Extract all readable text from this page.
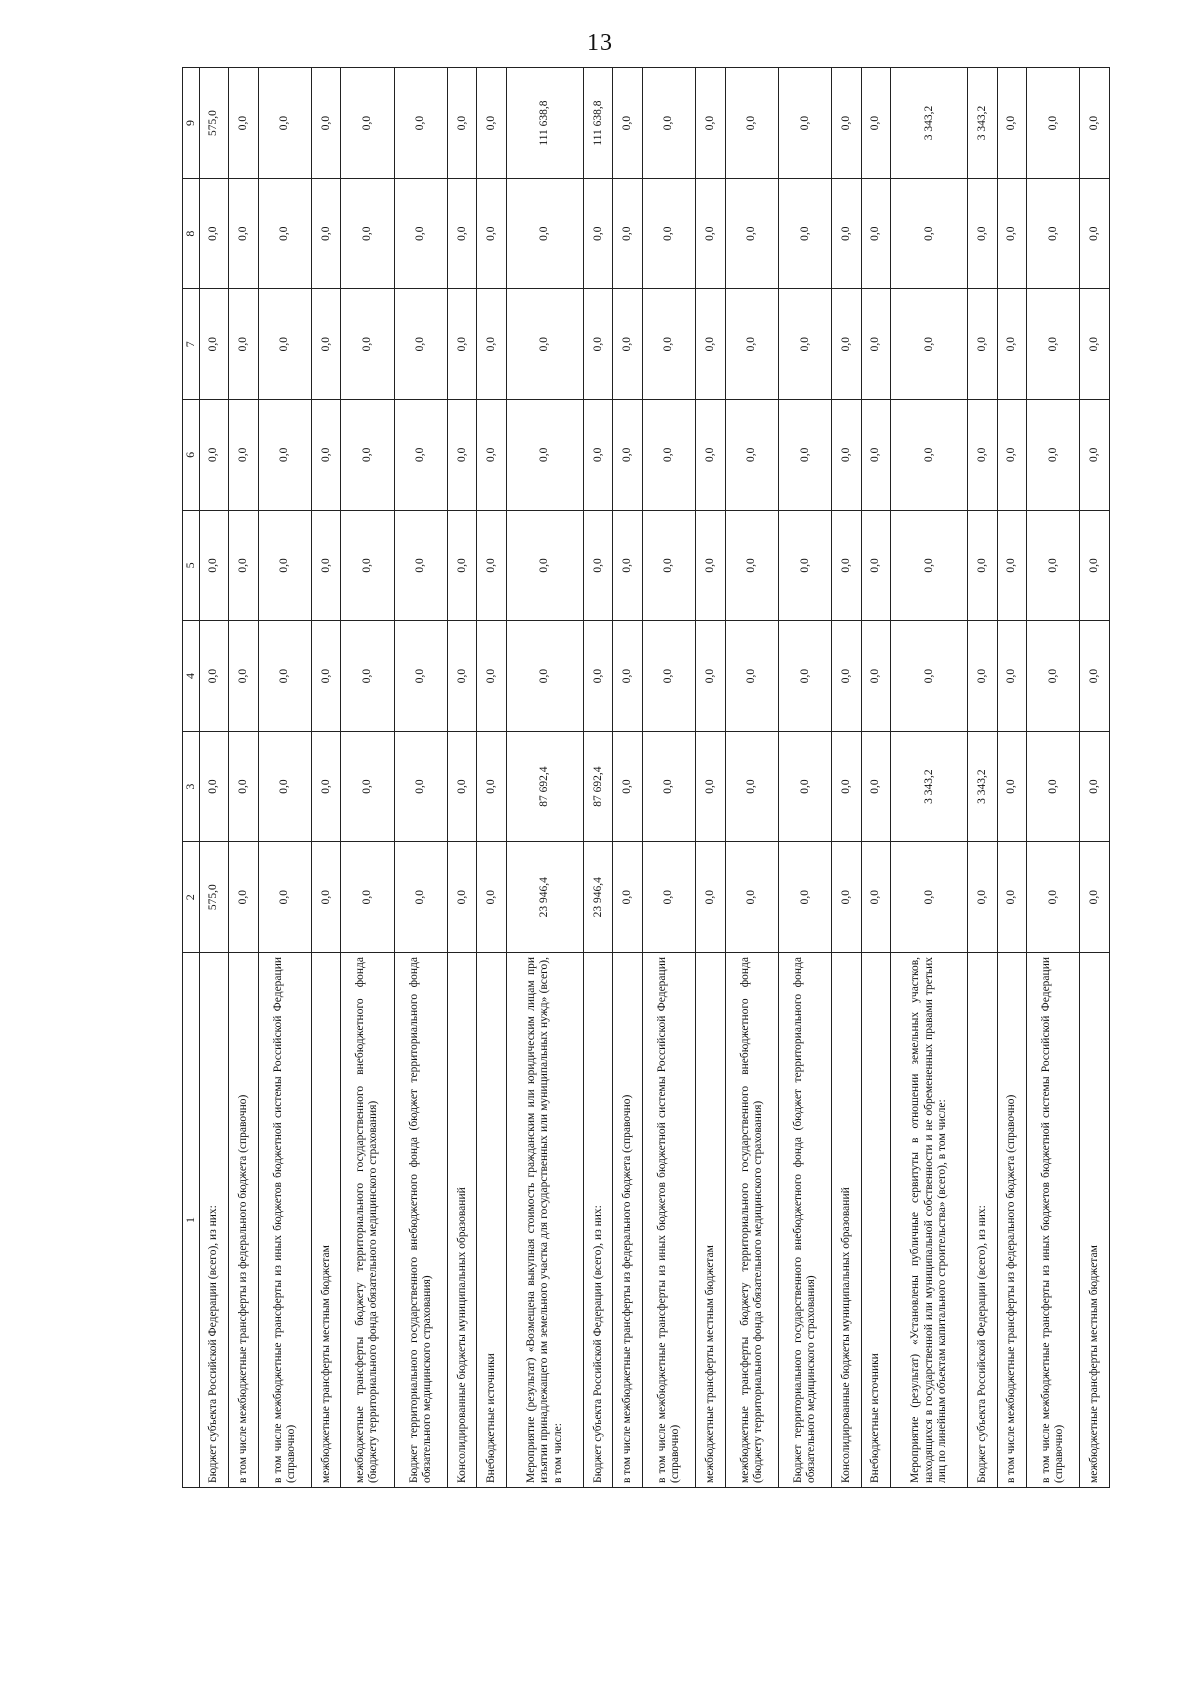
13
1	2	3	4	5	6	7	8	9
Бюджет субъекта Российской Федерации (всего), из них:	575,0	0,0	0,0	0,0	0,0	0,0	0,0	575,0
в том числе межбюджетные трансферты из федерального бюджета (справочно)	0,0	0,0	0,0	0,0	0,0	0,0	0,0	0,0
в том числе межбюджетные трансферты из иных бюджетов бюджетной системы Российской Федерации (справочно)	0,0	0,0	0,0	0,0	0,0	0,0	0,0	0,0
межбюджетные трансферты местным бюджетам	0,0	0,0	0,0	0,0	0,0	0,0	0,0	0,0
межбюджетные трансферты бюджету территориального государственного внебюджетного фонда (бюджету территориального фонда обязательного медицинского страхования)	0,0	0,0	0,0	0,0	0,0	0,0	0,0	0,0
Бюджет территориального государственного внебюджетного фонда (бюджет территориального фонда обязательного медицинского страхования)	0,0	0,0	0,0	0,0	0,0	0,0	0,0	0,0
Консолидированные бюджеты муниципальных образований	0,0	0,0	0,0	0,0	0,0	0,0	0,0	0,0
Внебюджетные источники	0,0	0,0	0,0	0,0	0,0	0,0	0,0	0,0
Мероприятие (результат) «Возмещена выкупная стоимость гражданским или юридическим лицам при изъятии принадлежащего им земельного участка для государственных или муниципальных нужд» (всего), в том числе:	23 946,4	87 692,4	0,0	0,0	0,0	0,0	0,0	111 638,8
Бюджет субъекта Российской Федерации (всего), из них:	23 946,4	87 692,4	0,0	0,0	0,0	0,0	0,0	111 638,8
в том числе межбюджетные трансферты из федерального бюджета (справочно)	0,0	0,0	0,0	0,0	0,0	0,0	0,0	0,0
в том числе межбюджетные трансферты из иных бюджетов бюджетной системы Российской Федерации (справочно)	0,0	0,0	0,0	0,0	0,0	0,0	0,0	0,0
межбюджетные трансферты местным бюджетам	0,0	0,0	0,0	0,0	0,0	0,0	0,0	0,0
межбюджетные трансферты бюджету территориального государственного внебюджетного фонда (бюджету территориального фонда обязательного медицинского страхования)	0,0	0,0	0,0	0,0	0,0	0,0	0,0	0,0
Бюджет территориального государственного внебюджетного фонда (бюджет территориального фонда обязательного медицинского страхования)	0,0	0,0	0,0	0,0	0,0	0,0	0,0	0,0
Консолидированные бюджеты муниципальных образований	0,0	0,0	0,0	0,0	0,0	0,0	0,0	0,0
Внебюджетные источники	0,0	0,0	0,0	0,0	0,0	0,0	0,0	0,0
Мероприятие (результат) «Установлены публичные сервитуты в отношении земельных участков, находящихся в государственной или муниципальной собственности и не обремененных правами третьих лиц по линейным объектам капитального строительства» (всего), в том числе:	0,0	3 343,2	0,0	0,0	0,0	0,0	0,0	3 343,2
Бюджет субъекта Российской Федерации (всего), из них:	0,0	3 343,2	0,0	0,0	0,0	0,0	0,0	3 343,2
в том числе межбюджетные трансферты из федерального бюджета (справочно)	0,0	0,0	0,0	0,0	0,0	0,0	0,0	0,0
в том числе межбюджетные трансферты из иных бюджетов бюджетной системы Российской Федерации (справочно)	0,0	0,0	0,0	0,0	0,0	0,0	0,0	0,0
межбюджетные трансферты местным бюджетам	0,0	0,0	0,0	0,0	0,0	0,0	0,0	0,0
